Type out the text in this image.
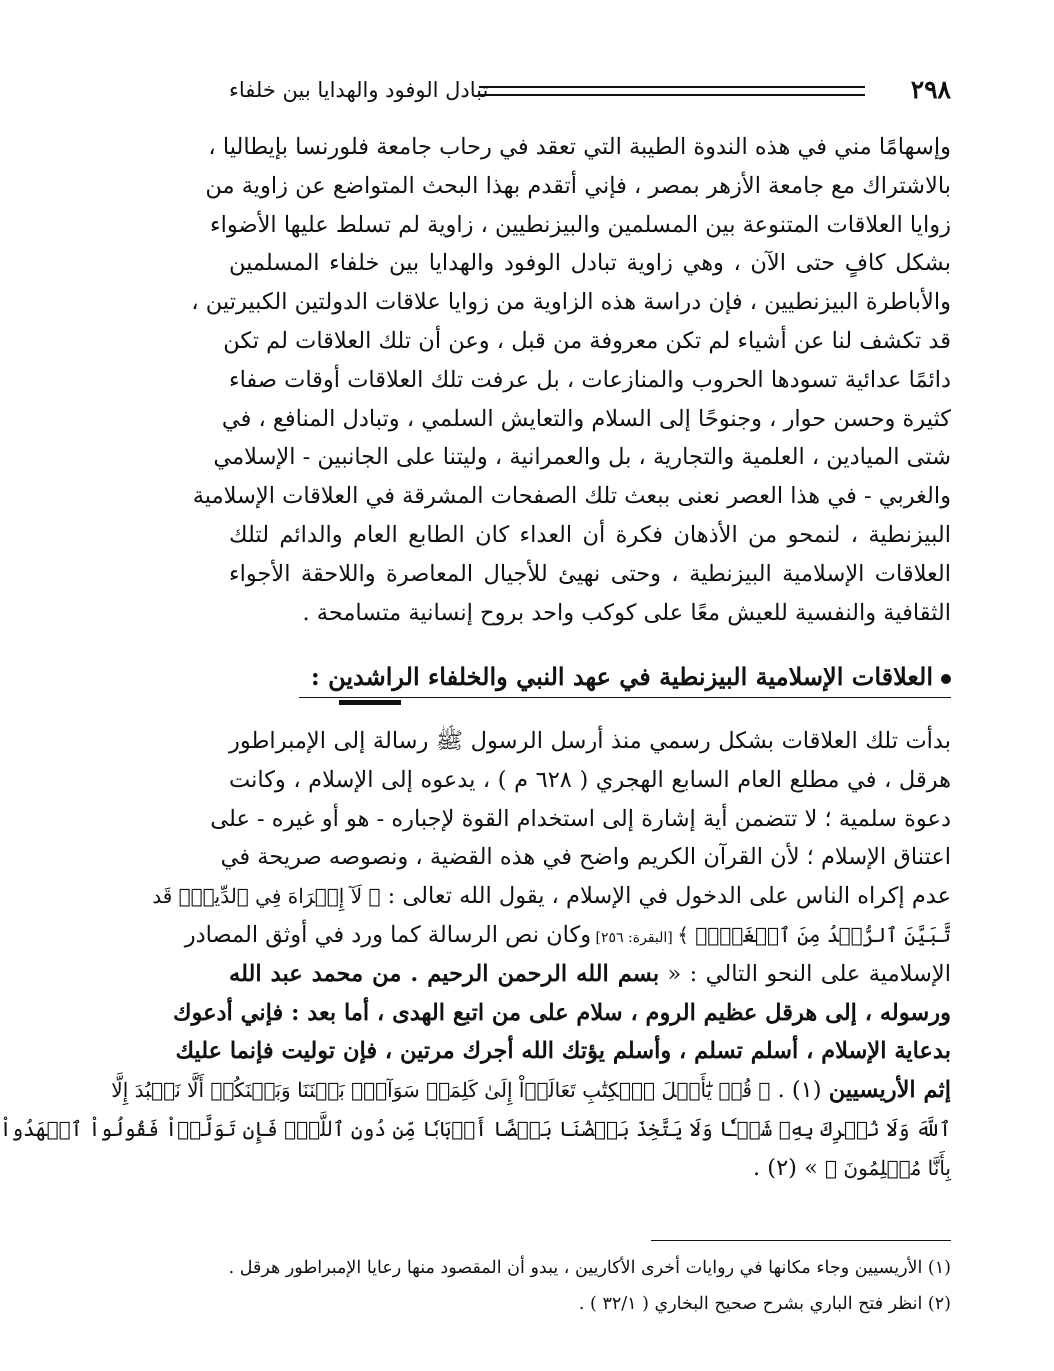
٢٩٨
تبادل الوفود والهدايا بين خلفاء
وإسهامًا مني في هذه الندوة الطيبة التي تعقد في رحاب جامعة فلورنسا بإيطاليا ،
بالاشتراك مع جامعة الأزهر بمصر ، فإني أتقدم بهذا البحث المتواضع عن زاوية من
زوايا العلاقات المتنوعة بين المسلمين والبيزنطيين ، زاوية لم تسلط عليها الأضواء
بشكل كافٍ حتى الآن ، وهي زاوية تبادل الوفود والهدايا بين خلفاء المسلمين
والأباطرة البيزنطيين ، فإن دراسة هذه الزاوية من زوايا علاقات الدولتين الكبيرتين ،
قد تكشف لنا عن أشياء لم تكن معروفة من قبل ، وعن أن تلك العلاقات لم تكن
دائمًا عدائية تسودها الحروب والمنازعات ، بل عرفت تلك العلاقات أوقات صفاء
كثيرة وحسن حوار ، وجنوحًا إلى السلام والتعايش السلمي ، وتبادل المنافع ، في
شتى الميادين ، العلمية والتجارية ، بل والعمرانية ، وليتنا على الجانبين - الإسلامي
والغربي - في هذا العصر نعنى ببعث تلك الصفحات المشرقة في العلاقات الإسلامية
البيزنطية ، لنمحو من الأذهان فكرة أن العداء كان الطابع العام والدائم لتلك
العلاقات الإسلامية البيزنطية ، وحتى نهيئ للأجيال المعاصرة واللاحقة الأجواء
الثقافية والنفسية للعيش معًا على كوكب واحد بروح إنسانية متسامحة .
العلاقات الإسلامية البيزنطية في عهد النبي والخلفاء الراشدين :
بدأت تلك العلاقات بشكل رسمي منذ أرسل الرسول ﷺ رسالة إلى الإمبراطور
هرقل ، في مطلع العام السابع الهجري ( ٦٢٨ م ) ، يدعوه إلى الإسلام ، وكانت
دعوة سلمية ؛ لا تتضمن أية إشارة إلى استخدام القوة لإجباره - هو أو غيره - على
اعتناق الإسلام ؛ لأن القرآن الكريم واضح في هذه القضية ، ونصوصه صريحة في
عدم إكراه الناس على الدخول في الإسلام ، يقول الله تعالى : ﴿ لَآ إِكۡرَاهَ فِي ٱلدِّينِۖ قَد
تَّبَيَّنَ ٱلرُّشۡدُ مِنَ ٱلۡغَيِّۚ ﴾ [البقرة: ٢٥٦] وكان نص الرسالة كما ورد في أوثق المصادر
الإسلامية على النحو التالي : « بسم الله الرحمن الرحيم . من محمد عبد الله
ورسوله ، إلى هرقل عظيم الروم ، سلام على من اتبع الهدى ، أما بعد : فإني أدعوك
بدعاية الإسلام ، أسلم تسلم ، وأسلم يؤتك الله أجرك مرتين ، فإن توليت فإنما عليك
إثم الأريسيين (١) . ﴿ قُلۡ يَٰٓأَهۡلَ ٱلۡكِتَٰبِ تَعَالَوۡاْ إِلَىٰ كَلِمَةٖ سَوَآءِۭ بَيۡنَنَا وَبَيۡنَكُمۡ أَلَّا نَعۡبُدَ إِلَّا
ٱللَّهَ وَلَا نُشۡرِكَ بِهِۦ شَيۡـٔٗا وَلَا يَتَّخِذَ بَعۡضُنَا بَعۡضًا أَرۡبَابٗا مِّن دُونِ ٱللَّهِۚ فَإِن تَوَلَّوۡاْ فَقُولُواْ ٱشۡهَدُواْ
بِأَنَّا مُسۡلِمُونَ ﴾ » (٢) .
(١) الأريسيين وجاء مكانها في روايات أخرى الأكاريين ، يبدو أن المقصود منها رعايا الإمبراطور هرقل .
(٢) انظر فتح الباري بشرح صحيح البخاري ( ٣٢/١ ) .
